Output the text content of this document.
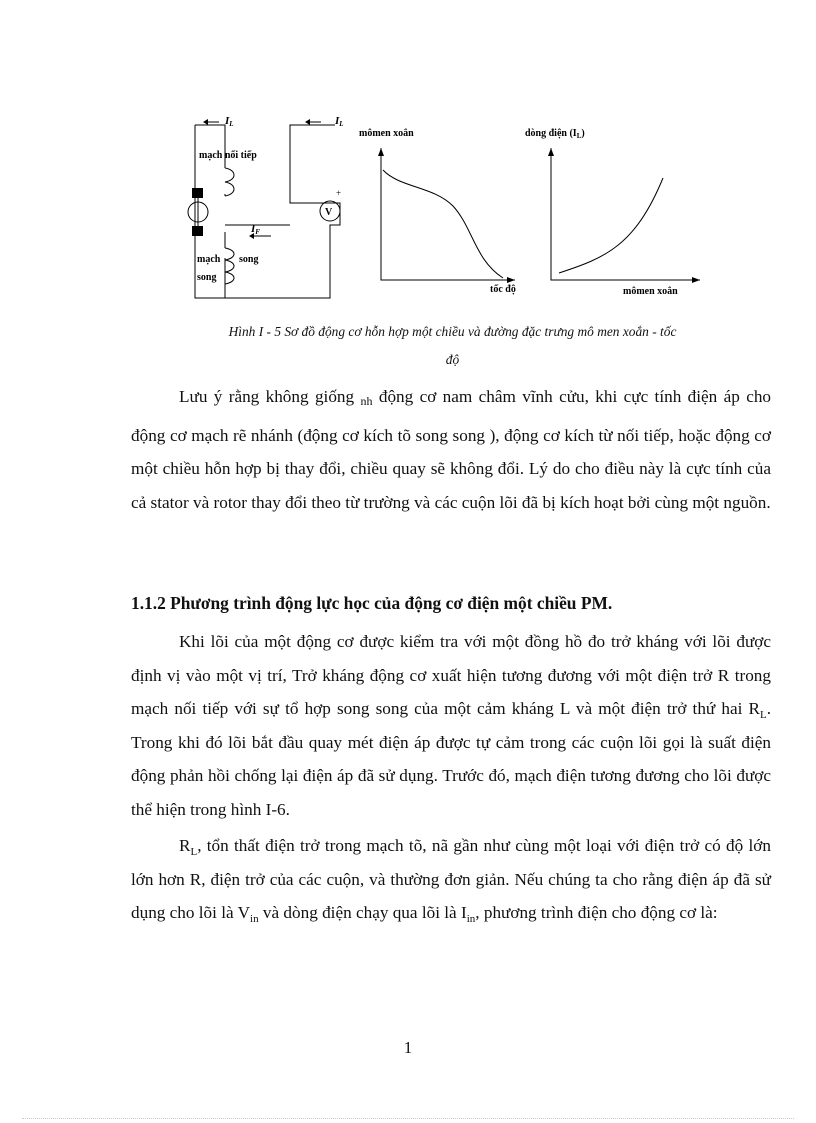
IL	IL
mạch nối tiếp
IF
mạch song
song
V
+
mômen xoắn
tốc độ
dòng điện $(I_L)$
mômen xoắn
Hình I - 5 Sơ đồ động cơ hỗn hợp một chiều và đường đặc trưng mô men xoắn - tốc
độ

Lưu ý rằng không giống nh động cơ nam châm vĩnh cửu, khi cực tính điện áp cho động cơ mạch rẽ nhánh (động cơ kích tõ song song ), động cơ kích từ nối tiếp, hoặc động cơ một chiều hỗn hợp bị thay đổi, chiều quay sẽ không đổi. Lý do cho điều này là cực tính của cả stator và rotor thay đổi theo từ trường và các cuộn lõi đã bị kích hoạt bởi cùng một nguồn.

1.1.2 Phương trình động lực học của động cơ điện một chiều PM.

Khi lõi của một động cơ được kiểm tra với một đồng hồ đo trở kháng với lõi được định vị vào một vị trí, Trở kháng động cơ xuất hiện tương đương với một điện trở R trong mạch nối tiếp với sự tổ hợp song song của một cảm kháng L và một điện trở thứ hai $R_L$. Trong khi đó lõi bắt đầu quay mét điện áp được tự cảm trong các cuộn lõi gọi là suất điện động phản hồi chống lại điện áp đã sử dụng. Trước đó, mạch điện tương đương cho lõi được thể hiện trong hình I-6.

$R_L$, tổn thất điện trở trong mạch tõ, nã gần như cùng một loại với điện trở có độ lớn lớn hơn R, điện trở của các cuộn, và thường đơn giản. Nếu chúng ta cho rằng điện áp đã sử dụng cho lõi là $V_{in}$ và dòng điện chạy qua lõi là $I_{in}$, phương trình điện cho động cơ là:

1
